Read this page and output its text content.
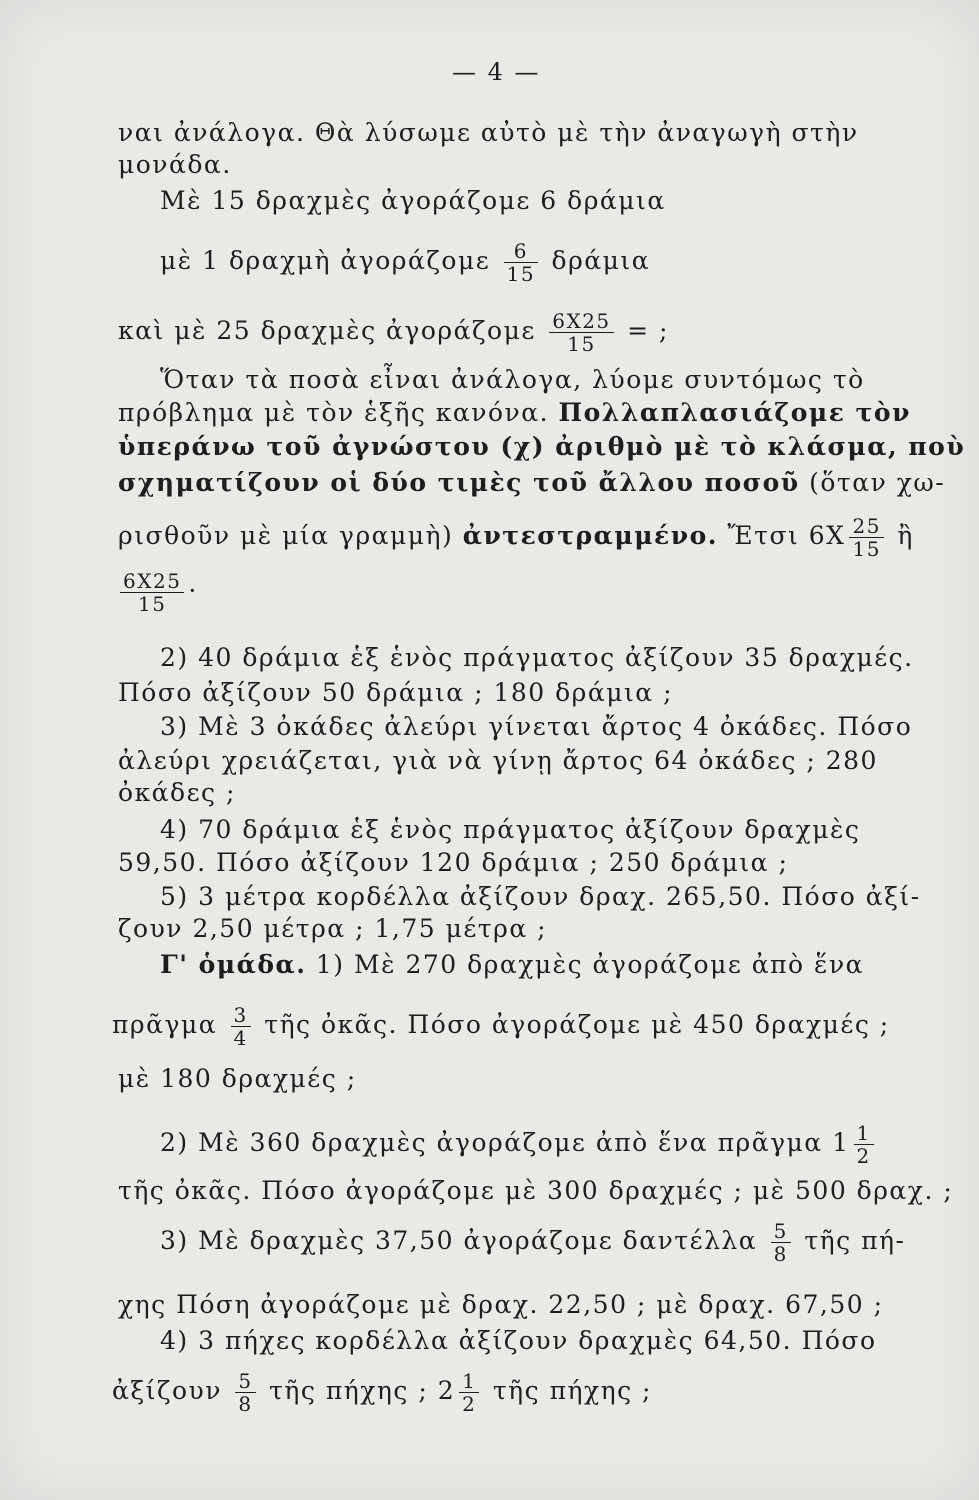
— 4 —
ναι ἀνάλογα. Θὰ λύσωμε αὐτὸ μὲ τὴν ἀναγωγὴ στὴν
μονάδα.
Μὲ 15 δραχμὲς ἀγοράζομε 6 δράμια
μὲ 1 δραχμὴ ἀγοράζομε $\frac{6}{15}$ δράμια
καὶ μὲ 25 δραχμὲς ἀγοράζομε $\frac{6X25}{15}$ = ;
Ὅταν τὰ ποσὰ εἶναι ἀνάλογα, λύομε συντόμως τὸ
πρόβλημα μὲ τὸν ἑξῆς κανόνα. Πολλαπλασιάζομε τὸν
ὑπεράνω τοῦ ἀγνώστου (χ) ἀριθμὸ μὲ τὸ κλάσμα, ποὺ
σχηματίζουν οἱ δύο τιμὲς τοῦ ἄλλου ποσοῦ (ὅταν χω-
ρισθοῦν μὲ μία γραμμὴ) ἀντεστραμμένο. Ἔτσι $6X \frac{25}{15}$ ἢ
$\frac{6X25}{15}$ ·
2) 40 δράμια ἑξ ἑνὸς πράγματος ἀξίζουν 35 δραχμές.
Πόσο ἀξίζουν 50 δράμια ; 180 δράμια ;
3) Μὲ 3 ὀκάδες ἀλεύρι γίνεται ἄρτος 4 ὀκάδες. Πόσο
ἀλεύρι χρειάζεται, γιὰ νὰ γίνῃ ἄρτος 64 ὀκάδες ; 280
ὀκάδες ;
4) 70 δράμια ἑξ ἑνὸς πράγματος ἀξίζουν δραχμὲς
59,50. Πόσο ἀξίζουν 120 δράμια ; 250 δράμια ;
5) 3 μέτρα κορδέλλα ἀξίζουν δραχ. 265,50. Πόσο ἀξί-
ζουν 2,50 μέτρα ; 1,75 μέτρα ;
Γ' ὁμάδα. 1) Μὲ 270 δραχμὲς ἀγοράζομε ἀπὸ ἕνα
πρᾶγμα $\frac{3}{4}$ τῆς ὀκᾶς. Πόσο ἀγοράζομε μὲ 450 δραχμές ;
μὲ 180 δραχμές ;
2) Μὲ 360 δραχμὲς ἀγοράζομε ἀπὸ ἕνα πρᾶγμα $1 \frac{1}{2}$
τῆς ὀκᾶς. Πόσο ἀγοράζομε μὲ 300 δραχμές ; μὲ 500 δραχ. ;
3) Μὲ δραχμὲς 37,50 ἀγοράζομε δαντέλλα $\frac{5}{8}$ τῆς πή-
χης Πόση ἀγοράζομε μὲ δραχ. 22,50 ; μὲ δραχ. 67,50 ;
4) 3 πήχες κορδέλλα ἀξίζουν δραχμὲς 64,50. Πόσο
ἀξίζουν $\frac{5}{8}$ τῆς πήχης ; $2 \frac{1}{2}$ τῆς πήχης ;
